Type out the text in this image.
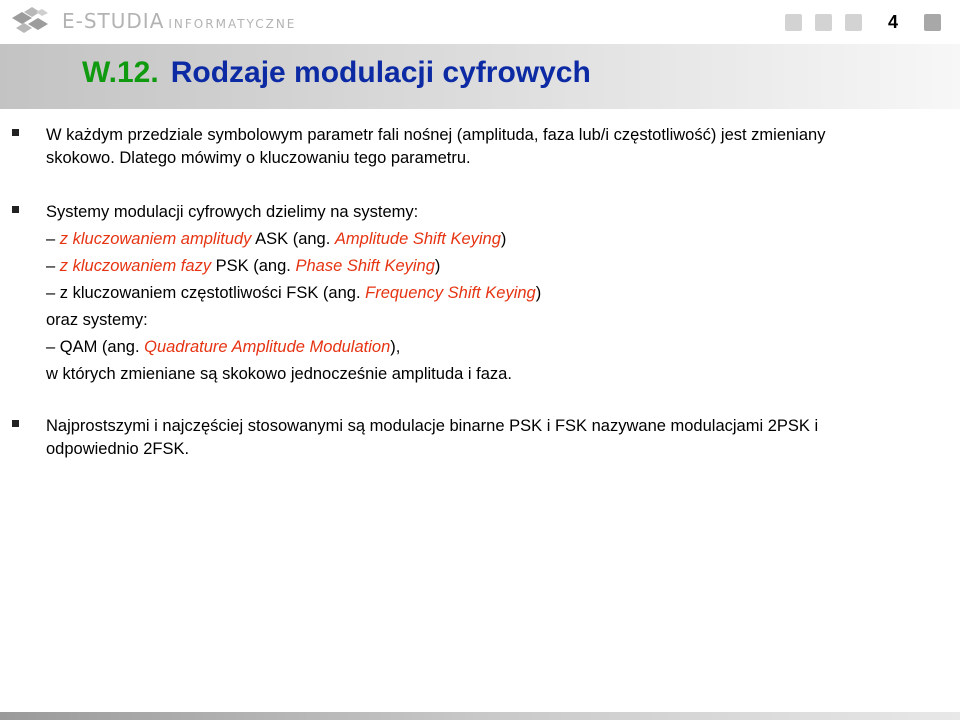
E-STUDIA INFORMATYCZNE	4
W.12. Rodzaje modulacji cyfrowych
W każdym przedziale symbolowym parametr fali nośnej (amplituda, faza lub/i częstotliwość) jest zmieniany
skokowo. Dlatego mówimy o kluczowaniu tego parametru.
Systemy modulacji cyfrowych dzielimy na systemy:
– z kluczowaniem amplitudy ASK (ang. Amplitude Shift Keying)
– z kluczowaniem fazy PSK (ang. Phase Shift Keying)
– z kluczowaniem częstotliwości FSK (ang. Frequency Shift Keying)
oraz systemy:
– QAM (ang. Quadrature Amplitude Modulation),
w których zmieniane są skokowo jednocześnie amplituda i faza.
Najprostszymi i najczęściej stosowanymi są modulacje binarne PSK i FSK nazywane modulacjami 2PSK i
odpowiednio 2FSK.
